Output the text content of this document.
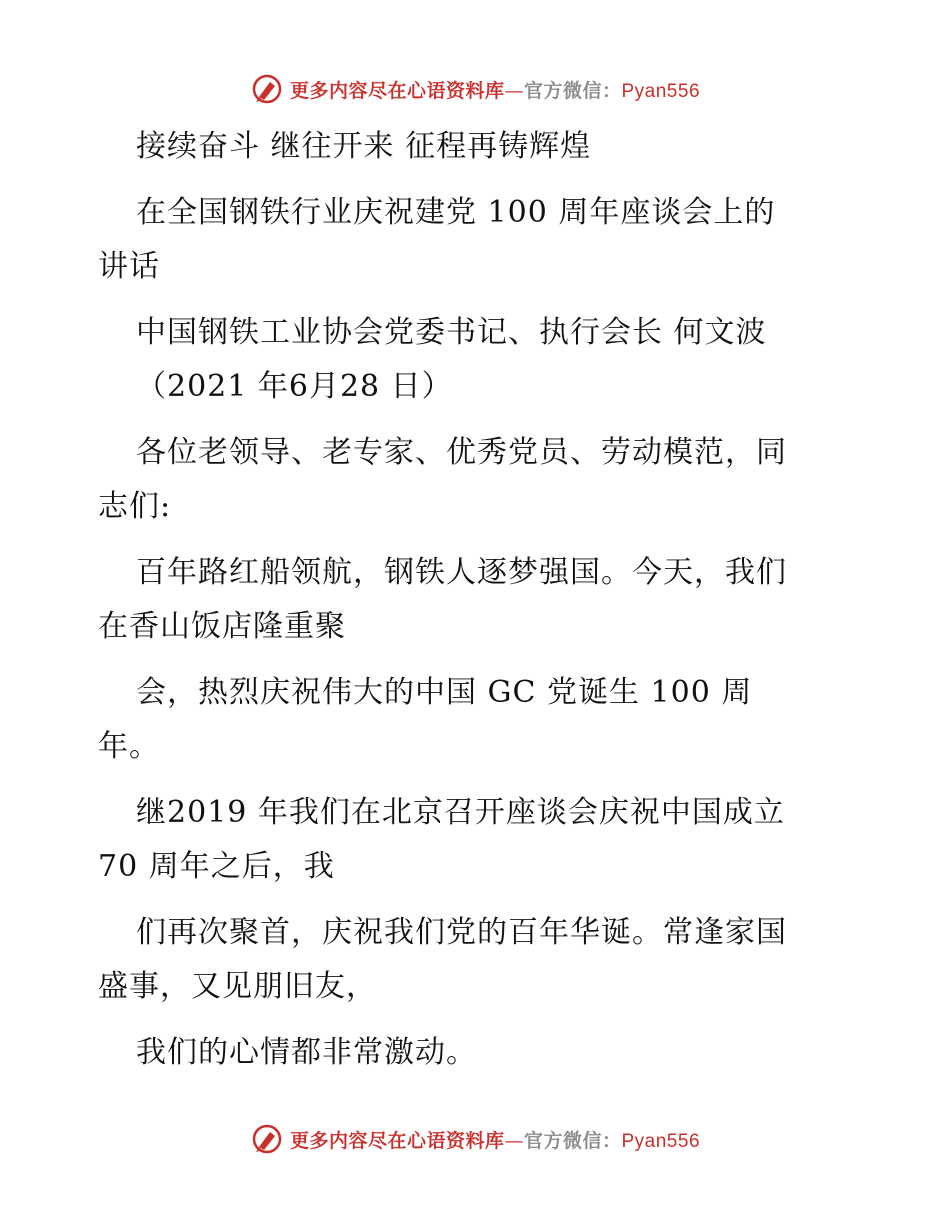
更多内容尽在心语资料库—官方微信：Pyan556

接续奋斗 继往开来 征程再铸辉煌

在全国钢铁行业庆祝建党 100 周年座谈会上的

讲话

中国钢铁工业协会党委书记、执行会长 何文波

（2021 年6月28 日）

各位老领导、老专家、优秀党员、劳动模范，同

志们:

百年路红船领航，钢铁人逐梦强国。今天，我们

在香山饭店隆重聚

会，热烈庆祝伟大的中国 GC 党诞生 100 周

年。

继2019 年我们在北京召开座谈会庆祝中国成立

70 周年之后，我

们再次聚首，庆祝我们党的百年华诞。常逢家国

盛事，又见朋旧友，

我们的心情都非常激动。

更多内容尽在心语资料库—官方微信：Pyan556
